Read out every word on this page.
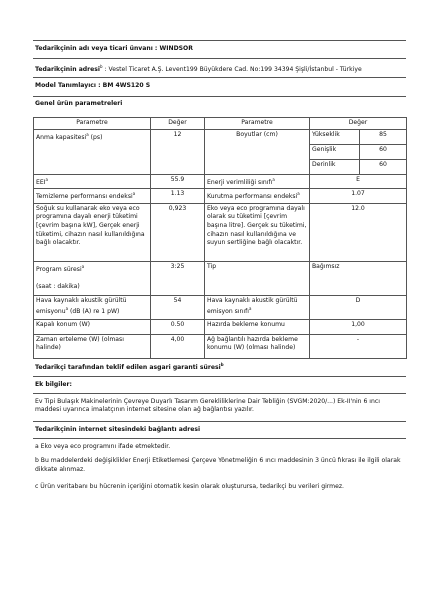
Tedarikçinin adı veya ticari ünvanı : WINDSOR
Tedarikçinin adresi$^b$ : Vestel Ticaret A.Ş. Levent199 Büyükdere Cad. No:199 34394 Şişli/İstanbul - Türkiye
Model Tanımlayıcı : BM 4WS120 S
Genel ürün parametreleri
Parametre	Değer	Parametre	Değer	
Anma kapasitesi$^a$ (ps)	12	Boyutlar (cm)	Yükseklik	85
			Genişlik	60
			Derinlik	60
EEI$^a$	55.9	Enerji verimliliği sınıfı$^a$	E	
Temizleme performansı endeksi$^a$	1.13	Kurutma performansı endeksi$^a$	1.07	
Soğuk su kullanarak eko veya eco programına dayalı enerji tüketimi [çevrim başına kW], Gerçek enerji tüketimi, cihazın nasıl kullanıldığına bağlı olacaktır.	0,923	Eko veya eco programına dayalı olarak su tüketimi [çevrim başına litre]. Gerçek su tüketimi, cihazın nasıl kullanıldığına ve suyun sertliğine bağlı olacaktır.	12.0	
Program süresi$^a$

(saat : dakika)	3:25	Tip	Bağımsız	
Hava kaynaklı akustik gürültü emisyonu$^a$ (dB (A) re 1 pW)	54	Hava kaynaklı akustik gürültü emisyon sınıfı$^a$	D	
Kapalı konum (W)	0.50	Hazırda bekleme konumu	1,00	
Zaman erteleme (W) (olması halinde)	4,00	Ağ bağlantılı hazırda bekleme konumu (W) (olması halinde)	-	
Tedarikçi tarafından teklif edilen asgari garanti süresi$^b$
Ek bilgiler:
Ev Tipi Bulaşık Makinelerinin Çevreye Duyarlı Tasarım Gerekliliklerine Dair Tebliğin (SVGM:2020/...) Ek-II'nin 6 ıncı maddesi uyarınca imalatçının internet sitesine olan ağ bağlantısı yazılır.
Tedarikçinin internet sitesindeki bağlantı adresi
a Eko veya eco programını ifade etmektedir.
b Bu maddelerdeki değişiklikler Enerji Etiketlemesi Çerçeve Yönetmeliğin 6 ıncı maddesinin 3 üncü fıkrası ile ilgili olarak dikkate alınmaz.
c Ürün veritabanı bu hücrenin içeriğini otomatik kesin olarak oluşturursa, tedarikçi bu verileri girmez.
